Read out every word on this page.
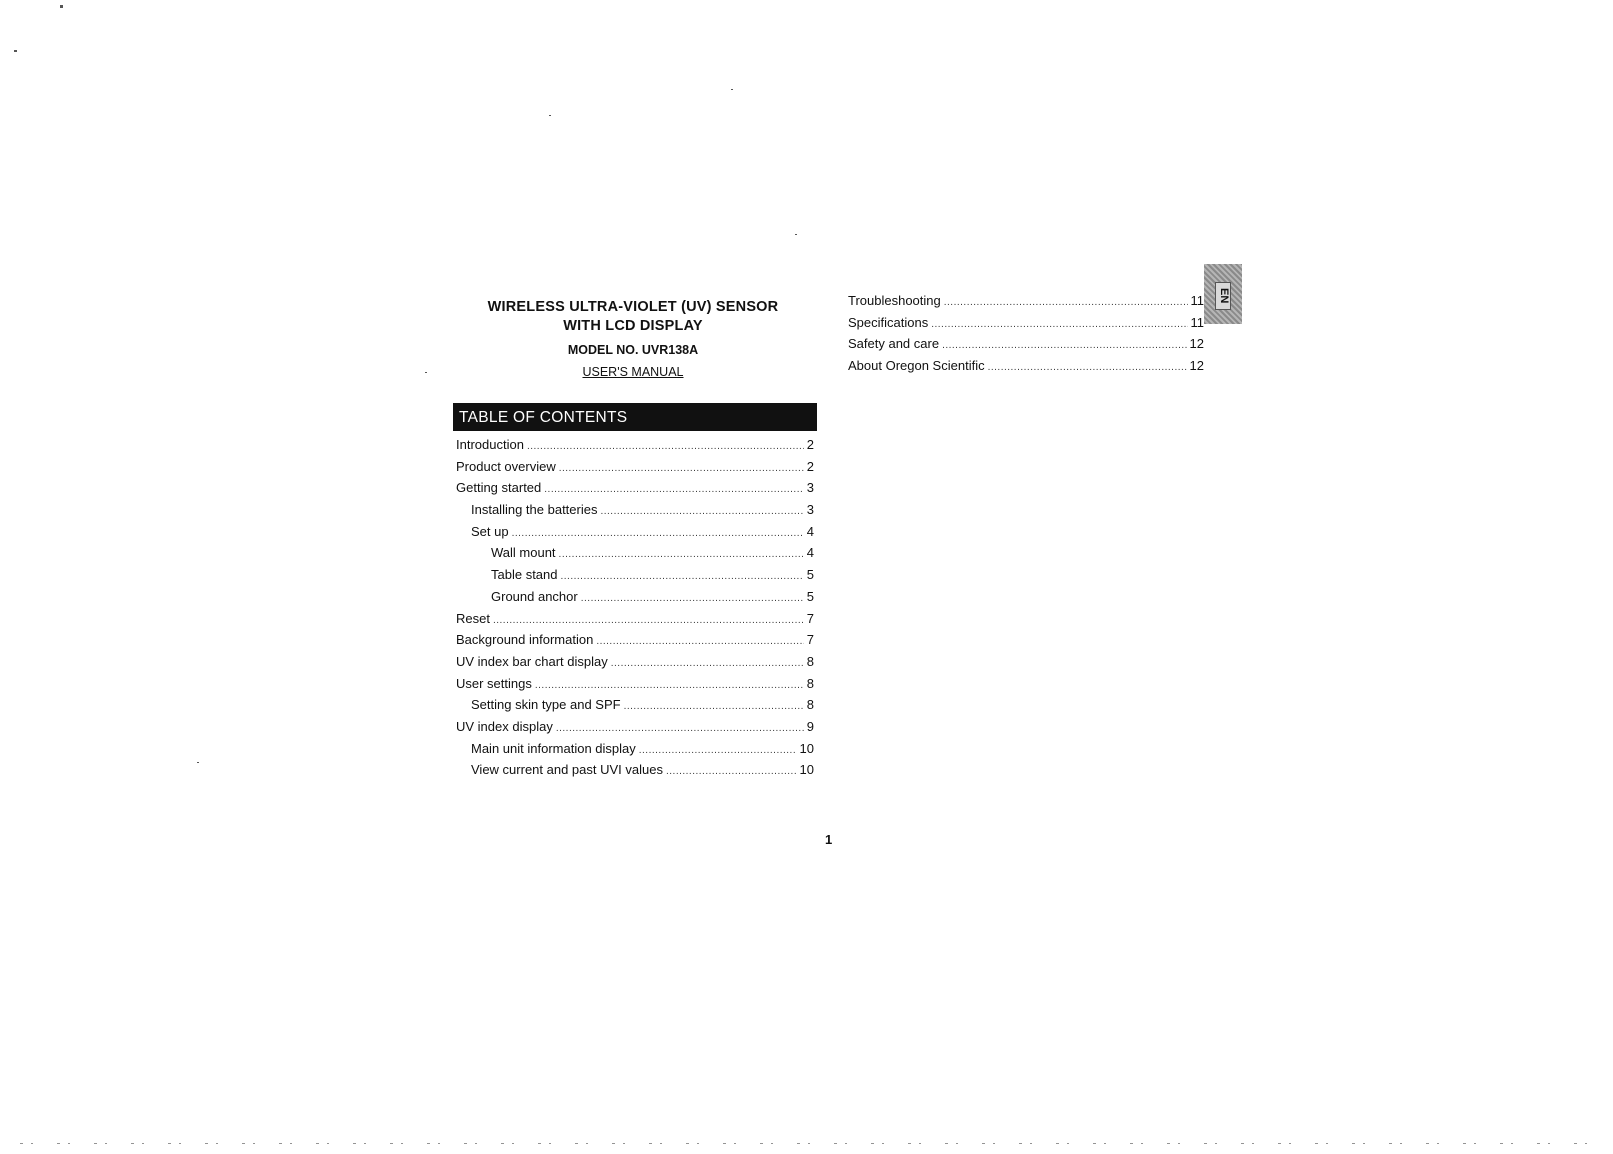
WIRELESS ULTRA-VIOLET (UV) SENSOR
WITH LCD DISPLAY
MODEL NO. UVR138A
USER'S MANUAL
TABLE OF CONTENTS
Introduction .....	2
Product overview .....	2
Getting started .....	3
Installing the batteries .....	3
Set up .....	4
Wall mount .....	4
Table stand .....	5
Ground anchor .....	5
Reset .....	7
Background information .....	7
UV index bar chart display .....	8
User settings .....	8
Setting skin type and SPF .....	8
UV index display .....	9
Main unit information display .....	10
View current and past UVI values .....	10
Troubleshooting .....	11
Specifications .....	11
Safety and care .....	12
About Oregon Scientific .....	12
EN
1
